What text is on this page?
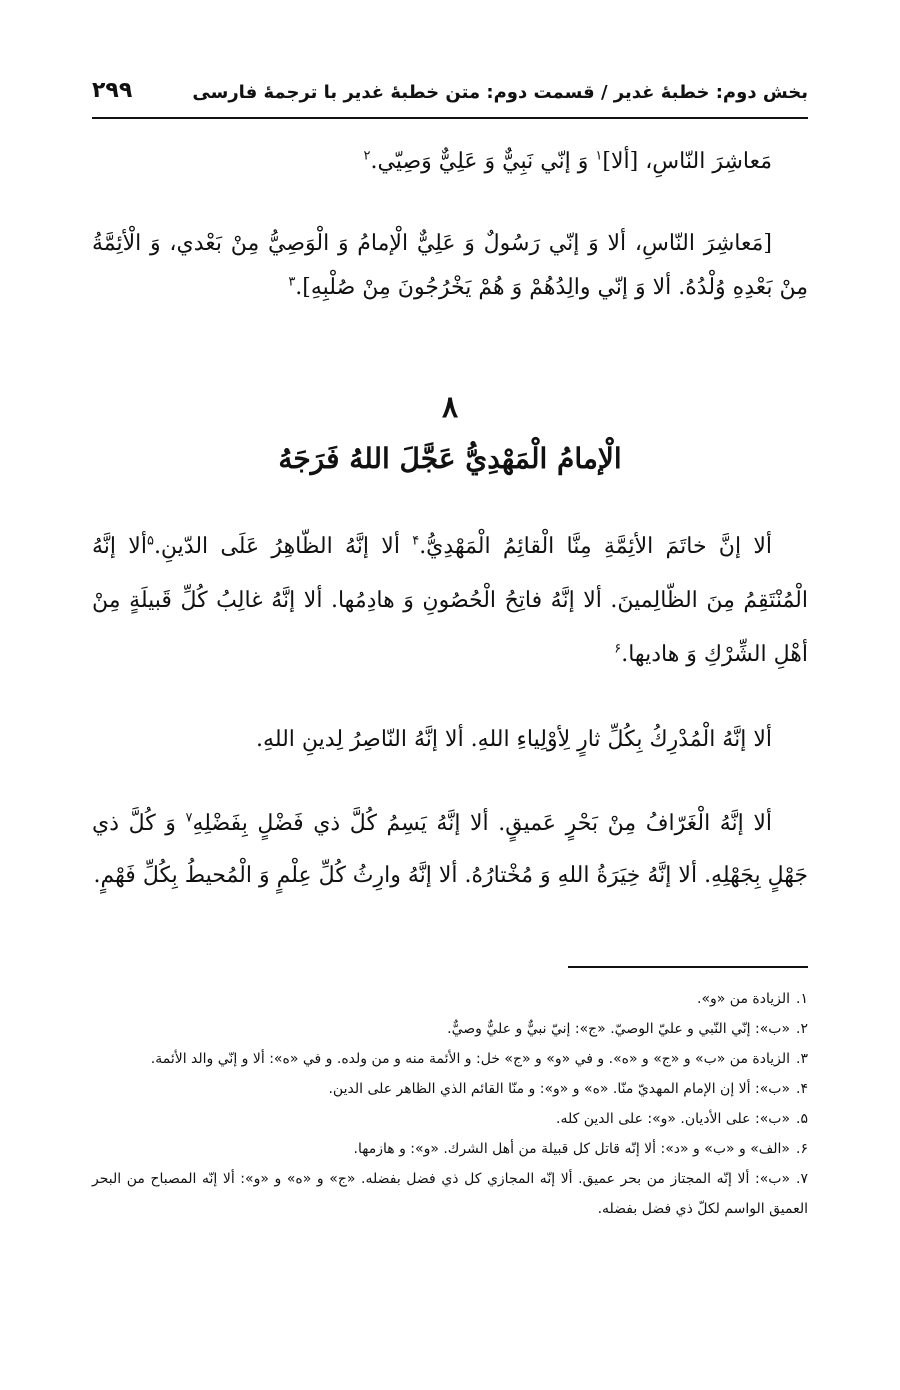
بخش دوم: خطبهٔ غدیر / قسمت دوم: متن خطبهٔ غدیر با ترجمهٔ فارسی
۲۹۹
مَعاشِرَ النّاسِ، [ألا]$^۱$ وَ إنّي نَبِيٌّ وَ عَلِيٌّ وَصِيّي.$^۲$
[مَعاشِرَ النّاسِ، ألا وَ إنّي رَسُولٌ وَ عَلِيٌّ الْإمامُ وَ الْوَصِيُّ مِنْ بَعْدي، وَ الْأئِمَّةُ مِنْ بَعْدِهِ وُلْدُهُ. ألا وَ إنّي والِدُهُمْ وَ هُمْ يَخْرُجُونَ مِنْ صُلْبِهِ].$^۳$
۸
الْإمامُ الْمَهْدِيُّ عَجَّلَ اللهُ فَرَجَهُ
ألا إنَّ خاتَمَ الأئِمَّةِ مِنَّا الْقائِمُ الْمَهْدِيُّ.$^۴$ ألا إنَّهُ الظّاهِرُ عَلَى الدّينِ.$^۵$ألا إنَّهُ الْمُنْتَقِمُ مِنَ الظّالِمينَ. ألا إنَّهُ فاتِحُ الْحُصُونِ وَ هادِمُها. ألا إنَّهُ غالِبُ كُلِّ قَبيلَةٍ مِنْ أهْلِ الشِّرْكِ وَ هاديها.$^۶$
ألا إنَّهُ الْمُدْرِكُ بِكُلِّ ثارٍ لِأوْلِياءِ اللهِ. ألا إنَّهُ النّاصِرُ لِدينِ اللهِ.
ألا إنَّهُ الْغَرّافُ مِنْ بَحْرٍ عَميقٍ. ألا إنَّهُ يَسِمُ كُلَّ ذي فَضْلٍ بِفَضْلِهِ$^۷$ وَ كُلَّ ذي جَهْلٍ بِجَهْلِهِ. ألا إنَّهُ خِيَرَةُ اللهِ وَ مُخْتارُهُ. ألا إنَّهُ وارِثُ كُلِّ عِلْمٍ وَ الْمُحيطُ بِكُلِّ فَهْمٍ.

۱.الزيادة من «و».

۲.«ب»: إنّي النّبي و عليّ الوصيّ. «ج»: إنيّ نبيٌّ و عليٌّ وصيٌّ.

۳.الزيادة من «ب» و «ج» و «ه». و في «و» و «ج» خل: و الأئمة منه و من ولده. و في «ه»: ألا و إنّي والد الأئمة.

۴.«ب»: ألا إن الإمام المهديّ منّا. «ه» و «و»: و منّا القائم الذي الظاهر على الدين.

۵.«ب»: على الأديان. «و»: على الدين كله.

۶.«الف» و «ب» و «د»: ألا إنّه قاتل كل قبيلة من أهل الشرك. «و»: و هازمها.

۷.«ب»: ألا إنّه المجتاز من بحر عميق. ألا إنّه المجازي كل ذي فضل بفضله. «ج» و «ه» و «و»: ألا إنّه المصباح من البحر العميق الواسم لكلّ ذي فضل بفضله.
